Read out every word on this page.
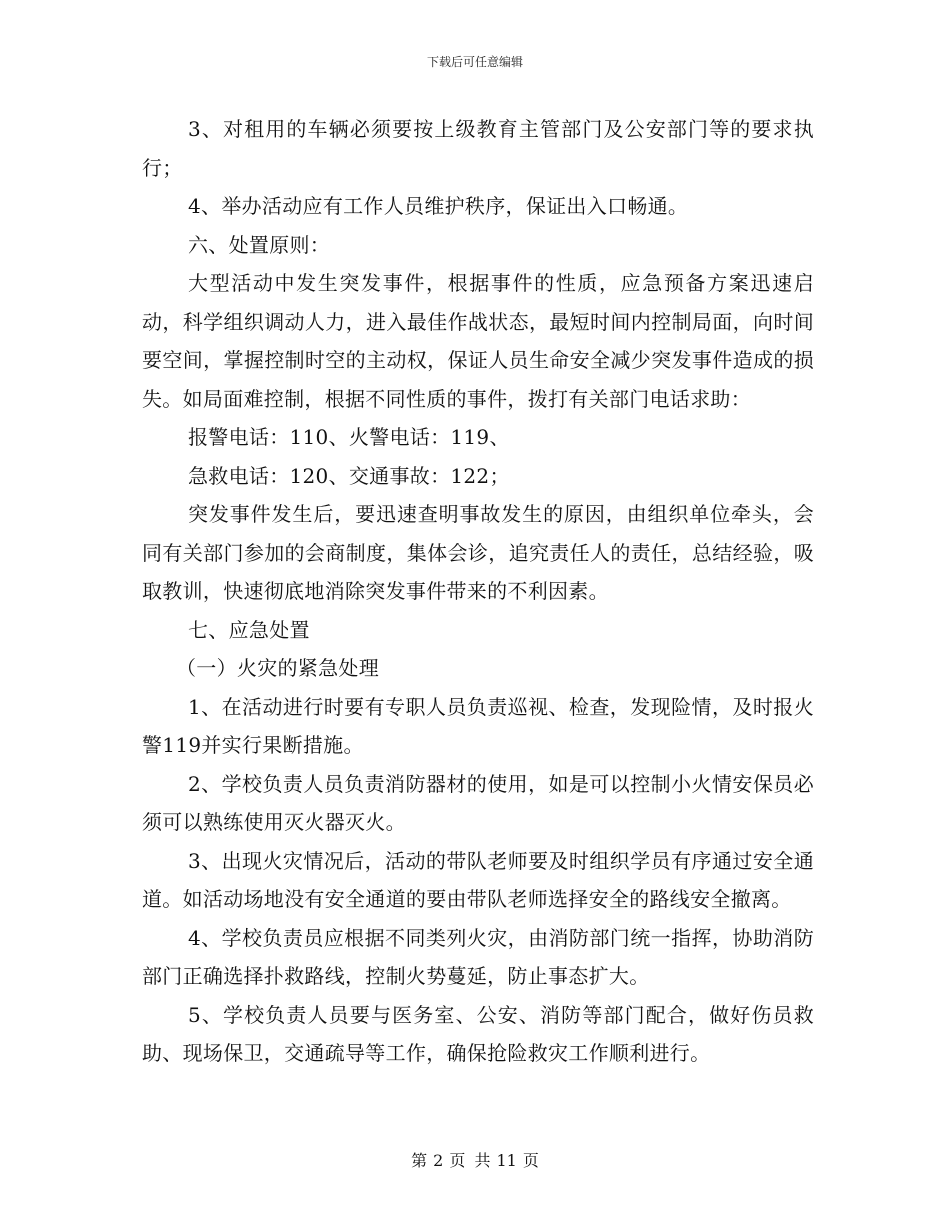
下载后可任意编辑

3、对租用的车辆必须要按上级教育主管部门及公安部门等的要求执行；

4、举办活动应有工作人员维护秩序，保证出入口畅通。

六、处置原则：

大型活动中发生突发事件，根据事件的性质，应急预备方案迅速启动，科学组织调动人力，进入最佳作战状态，最短时间内控制局面，向时间要空间，掌握控制时空的主动权，保证人员生命安全减少突发事件造成的损失。如局面难控制，根据不同性质的事件，拨打有关部门电话求助：

报警电话：110、火警电话：119、

急救电话：120、交通事故：122；

突发事件发生后，要迅速查明事故发生的原因，由组织单位牵头，会同有关部门参加的会商制度，集体会诊，追究责任人的责任，总结经验，吸取教训，快速彻底地消除突发事件带来的不利因素。

七、应急处置

（一）火灾的紧急处理

1、在活动进行时要有专职人员负责巡视、检查，发现险情，及时报火警119并实行果断措施。

2、学校负责人员负责消防器材的使用，如是可以控制小火情安保员必须可以熟练使用灭火器灭火。

3、出现火灾情况后，活动的带队老师要及时组织学员有序通过安全通道。如活动场地没有安全通道的要由带队老师选择安全的路线安全撤离。

4、学校负责员应根据不同类列火灾，由消防部门统一指挥，协助消防部门正确选择扑救路线，控制火势蔓延，防止事态扩大。

5、学校负责人员要与医务室、公安、消防等部门配合，做好伤员救助、现场保卫，交通疏导等工作，确保抢险救灾工作顺利进行。

第 2 页 共 11 页
